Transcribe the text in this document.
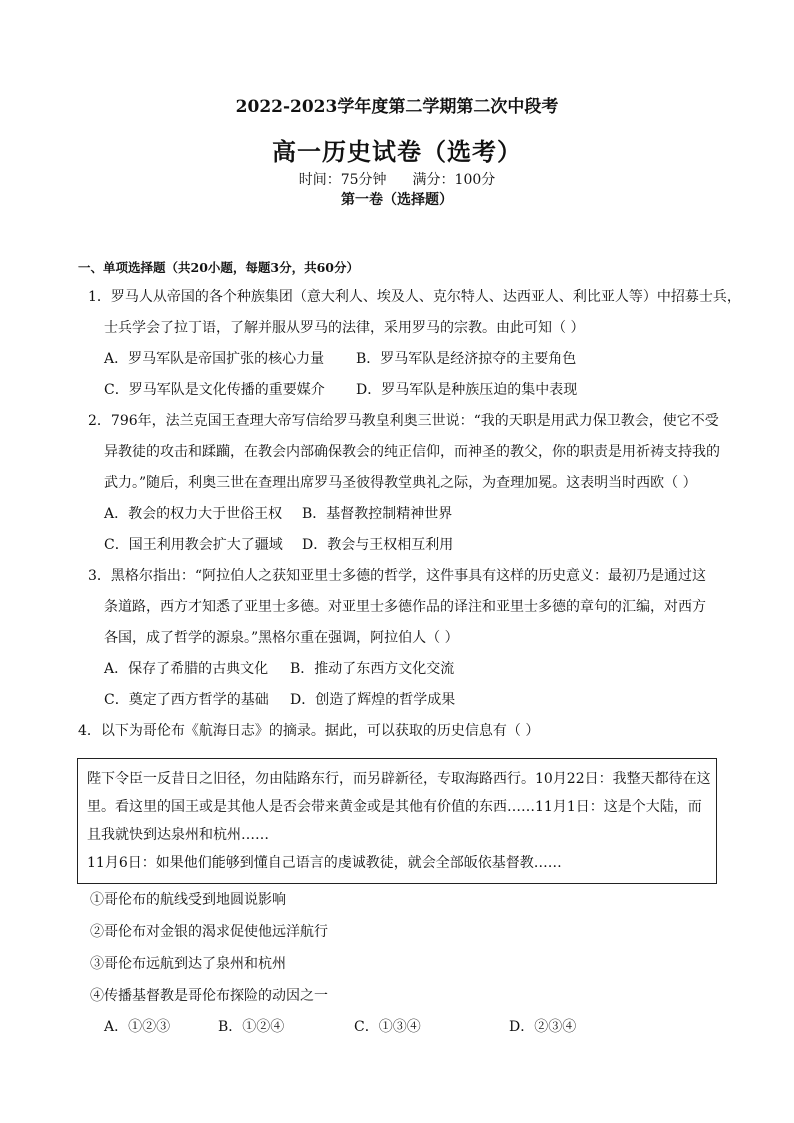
2022-2023学年度第二学期第二次中段考
高一历史试卷（选考）
时间：75分钟 满分：100分
第一卷（选择题）
一、单项选择题（共20小题，每题3分，共60分）
1．罗马人从帝国的各个种族集团（意大利人、埃及人、克尔特人、达西亚人、利比亚人等）中招募士兵，
士兵学会了拉丁语，了解并服从罗马的法律，采用罗马的宗教。由此可知（ ）
A．罗马军队是帝国扩张的核心力量 B．罗马军队是经济掠夺的主要角色
C．罗马军队是文化传播的重要媒介 D．罗马军队是种族压迫的集中表现
2．796年，法兰克国王查理大帝写信给罗马教皇利奥三世说：“我的天职是用武力保卫教会，使它不受
异教徒的攻击和蹂躏，在教会内部确保教会的纯正信仰，而神圣的教父，你的职责是用祈祷支持我的
武力。”随后，利奥三世在查理出席罗马圣彼得教堂典礼之际，为查理加冕。这表明当时西欧（ ）
A．教会的权力大于世俗王权 B．基督教控制精神世界
C．国王利用教会扩大了疆域 D．教会与王权相互利用
3．黑格尔指出：“阿拉伯人之获知亚里士多德的哲学，这件事具有这样的历史意义：最初乃是通过这
条道路，西方才知悉了亚里士多德。对亚里士多德作品的译注和亚里士多德的章句的汇编，对西方
各国，成了哲学的源泉。”黑格尔重在强调，阿拉伯人（ ）
A．保存了希腊的古典文化 B．推动了东西方文化交流
C．奠定了西方哲学的基础 D．创造了辉煌的哲学成果
4．以下为哥伦布《航海日志》的摘录。据此，可以获取的历史信息有（ ）
陛下令臣一反昔日之旧径，勿由陆路东行，而另辟新径，专取海路西行。10月22日：我整天都待在这
里。看这里的国王或是其他人是否会带来黄金或是其他有价值的东西……11月1日：这是个大陆，而
且我就快到达泉州和杭州……
11月6日：如果他们能够到懂自己语言的虔诚教徒，就会全部皈依基督教……
①哥伦布的航线受到地圆说影响
②哥伦布对金银的渴求促使他远洋航行
③哥伦布远航到达了泉州和杭州
④传播基督教是哥伦布探险的动因之一
A．①②③	B．①②④	C．①③④	D．②③④
